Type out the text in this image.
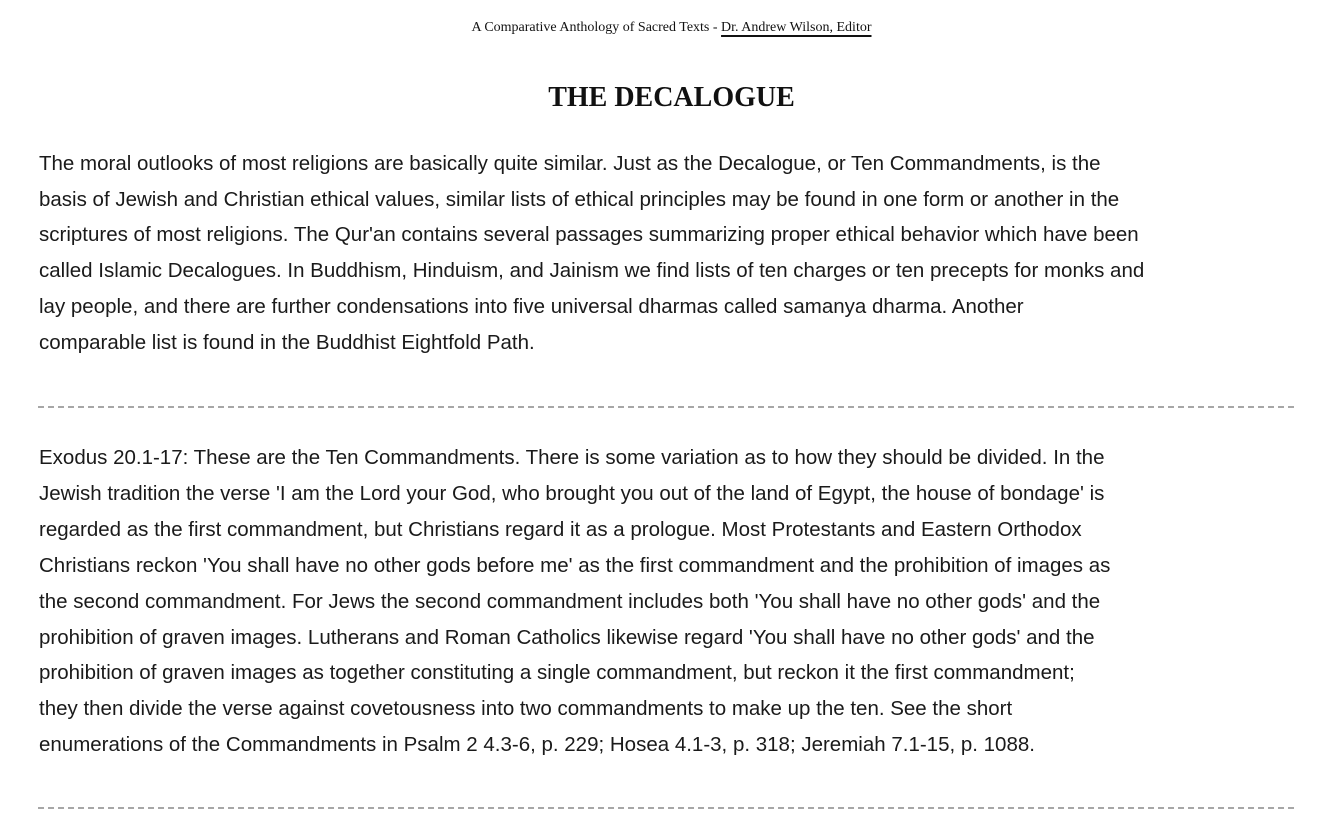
A Comparative Anthology of Sacred Texts - Dr. Andrew Wilson, Editor
THE DECALOGUE

The moral outlooks of most religions are basically quite similar. Just as the Decalogue, or Ten Commandments, is the
basis of Jewish and Christian ethical values, similar lists of ethical principles may be found in one form or another in the
scriptures of most religions. The Qur'an contains several passages summarizing proper ethical behavior which have been
called Islamic Decalogues. In Buddhism, Hinduism, and Jainism we find lists of ten charges or ten precepts for monks and
lay people, and there are further condensations into five universal dharmas called samanya dharma. Another
comparable list is found in the Buddhist Eightfold Path.

Exodus 20.1-17: These are the Ten Commandments. There is some variation as to how they should be divided. In the
Jewish tradition the verse 'I am the Lord your God, who brought you out of the land of Egypt, the house of bondage' is
regarded as the first commandment, but Christians regard it as a prologue. Most Protestants and Eastern Orthodox
Christians reckon 'You shall have no other gods before me' as the first commandment and the prohibition of images as
the second commandment. For Jews the second commandment includes both 'You shall have no other gods' and the
prohibition of graven images. Lutherans and Roman Catholics likewise regard 'You shall have no other gods' and the
prohibition of graven images as together constituting a single commandment, but reckon it the first commandment;
they then divide the verse against covetousness into two commandments to make up the ten. See the short
enumerations of the Commandments in Psalm 2 4.3-6, p. 229; Hosea 4.1-3, p. 318; Jeremiah 7.1-15, p. 1088.
